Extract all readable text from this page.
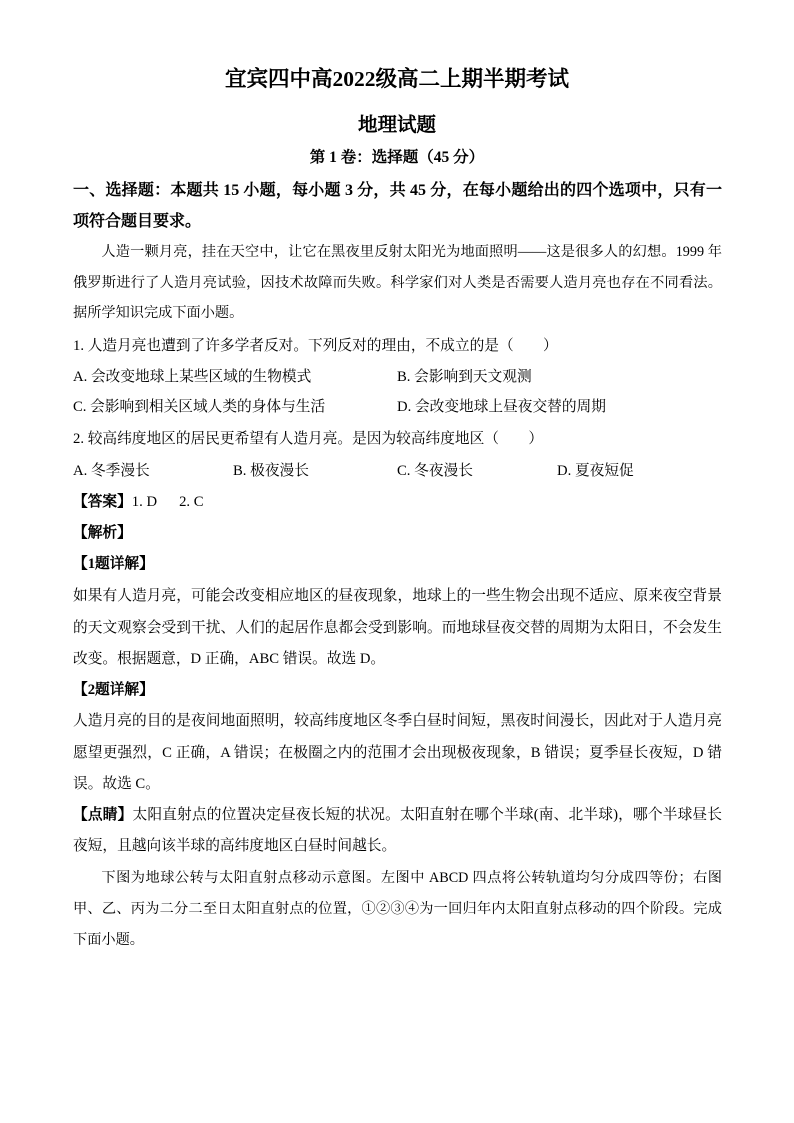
宜宾四中高2022级高二上期半期考试
地理试题
第 1 卷：选择题（45 分）
一、选择题：本题共 15 小题，每小题 3 分，共 45 分，在每小题给出的四个选项中，只有一项符合题目要求。
人造一颗月亮，挂在天空中，让它在黑夜里反射太阳光为地面照明——这是很多人的幻想。1999 年俄罗斯进行了人造月亮试验，因技术故障而失败。科学家们对人类是否需要人造月亮也存在不同看法。据所学知识完成下面小题。
1. 人造月亮也遭到了许多学者反对。下列反对的理由，不成立的是（　　）
A. 会改变地球上某些区域的生物模式	B. 会影响到天文观测
C. 会影响到相关区域人类的身体与生活	D. 会改变地球上昼夜交替的周期
2. 较高纬度地区的居民更希望有人造月亮。是因为较高纬度地区（　　）
A. 冬季漫长	B. 极夜漫长	C. 冬夜漫长	D. 夏夜短促
【答案】1. D 2. C
【解析】
【1题详解】
如果有人造月亮，可能会改变相应地区的昼夜现象，地球上的一些生物会出现不适应、原来夜空背景的天文观察会受到干扰、人们的起居作息都会受到影响。而地球昼夜交替的周期为太阳日，不会发生改变。根据题意，D 正确，ABC 错误。故选 D。
【2题详解】
人造月亮的目的是夜间地面照明，较高纬度地区冬季白昼时间短，黑夜时间漫长，因此对于人造月亮愿望更强烈，C 正确，A 错误；在极圈之内的范围才会出现极夜现象，B 错误；夏季昼长夜短，D 错误。故选 C。
【点睛】太阳直射点的位置决定昼夜长短的状况。太阳直射在哪个半球(南、北半球)，哪个半球昼长夜短，且越向该半球的高纬度地区白昼时间越长。
下图为地球公转与太阳直射点移动示意图。左图中 ABCD 四点将公转轨道均匀分成四等份；右图甲、乙、丙为二分二至日太阳直射点的位置，①②③④为一回归年内太阳直射点移动的四个阶段。完成下面小题。
